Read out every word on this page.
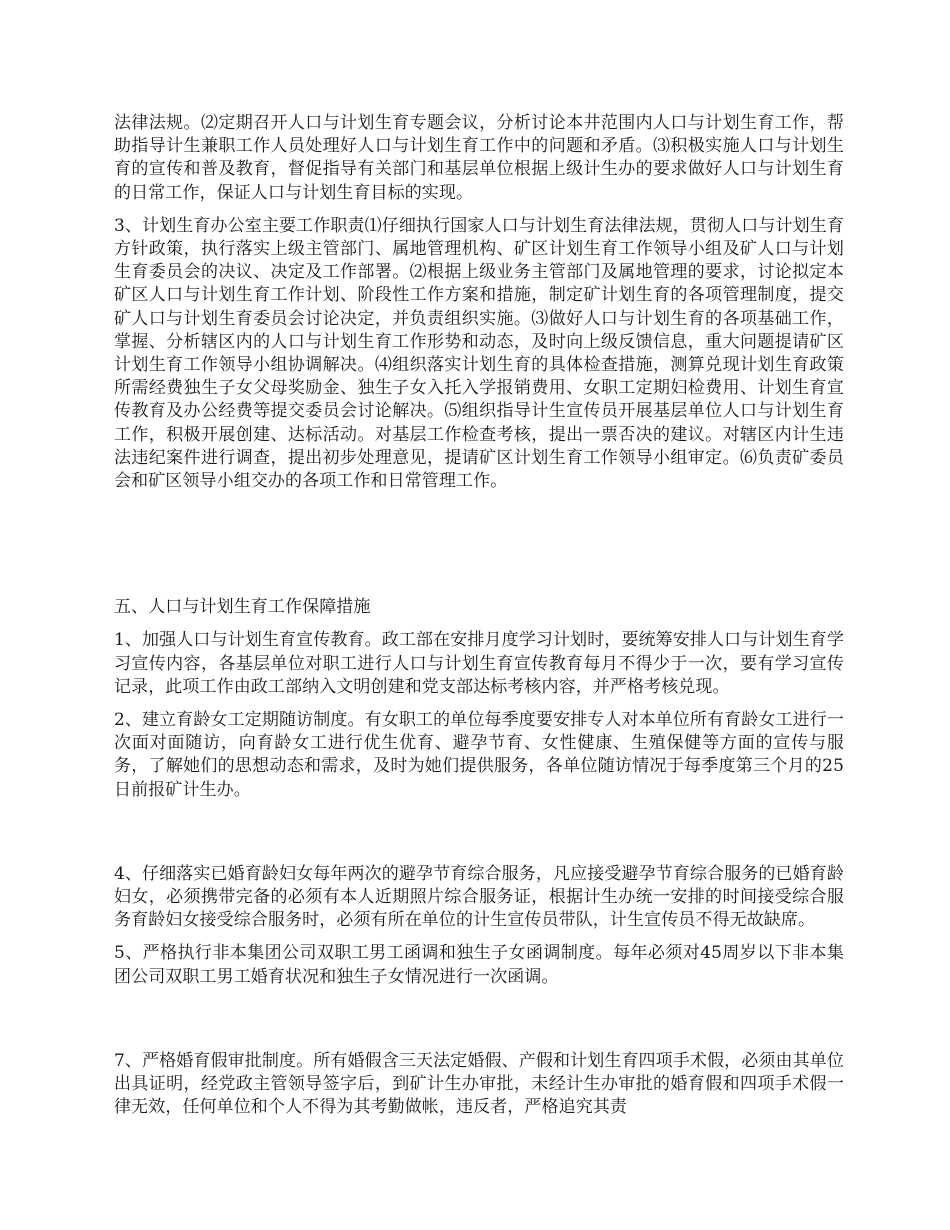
法律法规。⑵定期召开人口与计划生育专题会议，分析讨论本井范围内人口与计划生育工作，帮助指导计生兼职工作人员处理好人口与计划生育工作中的问题和矛盾。⑶积极实施人口与计划生育的宣传和普及教育，督促指导有关部门和基层单位根据上级计生办的要求做好人口与计划生育的日常工作，保证人口与计划生育目标的实现。

3、计划生育办公室主要工作职责⑴仔细执行国家人口与计划生育法律法规，贯彻人口与计划生育方针政策，执行落实上级主管部门、属地管理机构、矿区计划生育工作领导小组及矿人口与计划生育委员会的决议、决定及工作部署。⑵根据上级业务主管部门及属地管理的要求，讨论拟定本矿区人口与计划生育工作计划、阶段性工作方案和措施，制定矿计划生育的各项管理制度，提交矿人口与计划生育委员会讨论决定，并负责组织实施。⑶做好人口与计划生育的各项基础工作，掌握、分析辖区内的人口与计划生育工作形势和动态，及时向上级反馈信息，重大问题提请矿区计划生育工作领导小组协调解决。⑷组织落实计划生育的具体检查措施，测算兑现计划生育政策所需经费独生子女父母奖励金、独生子女入托入学报销费用、女职工定期妇检费用、计划生育宣传教育及办公经费等提交委员会讨论解决。⑸组织指导计生宣传员开展基层单位人口与计划生育工作，积极开展创建、达标活动。对基层工作检查考核，提出一票否决的建议。对辖区内计生违法违纪案件进行调查，提出初步处理意见，提请矿区计划生育工作领导小组审定。⑹负责矿委员会和矿区领导小组交办的各项工作和日常管理工作。

五、人口与计划生育工作保障措施

1、加强人口与计划生育宣传教育。政工部在安排月度学习计划时，要统筹安排人口与计划生育学习宣传内容，各基层单位对职工进行人口与计划生育宣传教育每月不得少于一次，要有学习宣传记录，此项工作由政工部纳入文明创建和党支部达标考核内容，并严格考核兑现。

2、建立育龄女工定期随访制度。有女职工的单位每季度要安排专人对本单位所有育龄女工进行一次面对面随访，向育龄女工进行优生优育、避孕节育、女性健康、生殖保健等方面的宣传与服务，了解她们的思想动态和需求，及时为她们提供服务，各单位随访情况于每季度第三个月的25日前报矿计生办。

4、仔细落实已婚育龄妇女每年两次的避孕节育综合服务，凡应接受避孕节育综合服务的已婚育龄妇女，必须携带完备的必须有本人近期照片综合服务证，根据计生办统一安排的时间接受综合服务育龄妇女接受综合服务时，必须有所在单位的计生宣传员带队，计生宣传员不得无故缺席。

5、严格执行非本集团公司双职工男工函调和独生子女函调制度。每年必须对45周岁以下非本集团公司双职工男工婚育状况和独生子女情况进行一次函调。

7、严格婚育假审批制度。所有婚假含三天法定婚假、产假和计划生育四项手术假，必须由其单位出具证明，经党政主管领导签字后，到矿计生办审批，未经计生办审批的婚育假和四项手术假一律无效，任何单位和个人不得为其考勤做帐，违反者，严格追究其责
